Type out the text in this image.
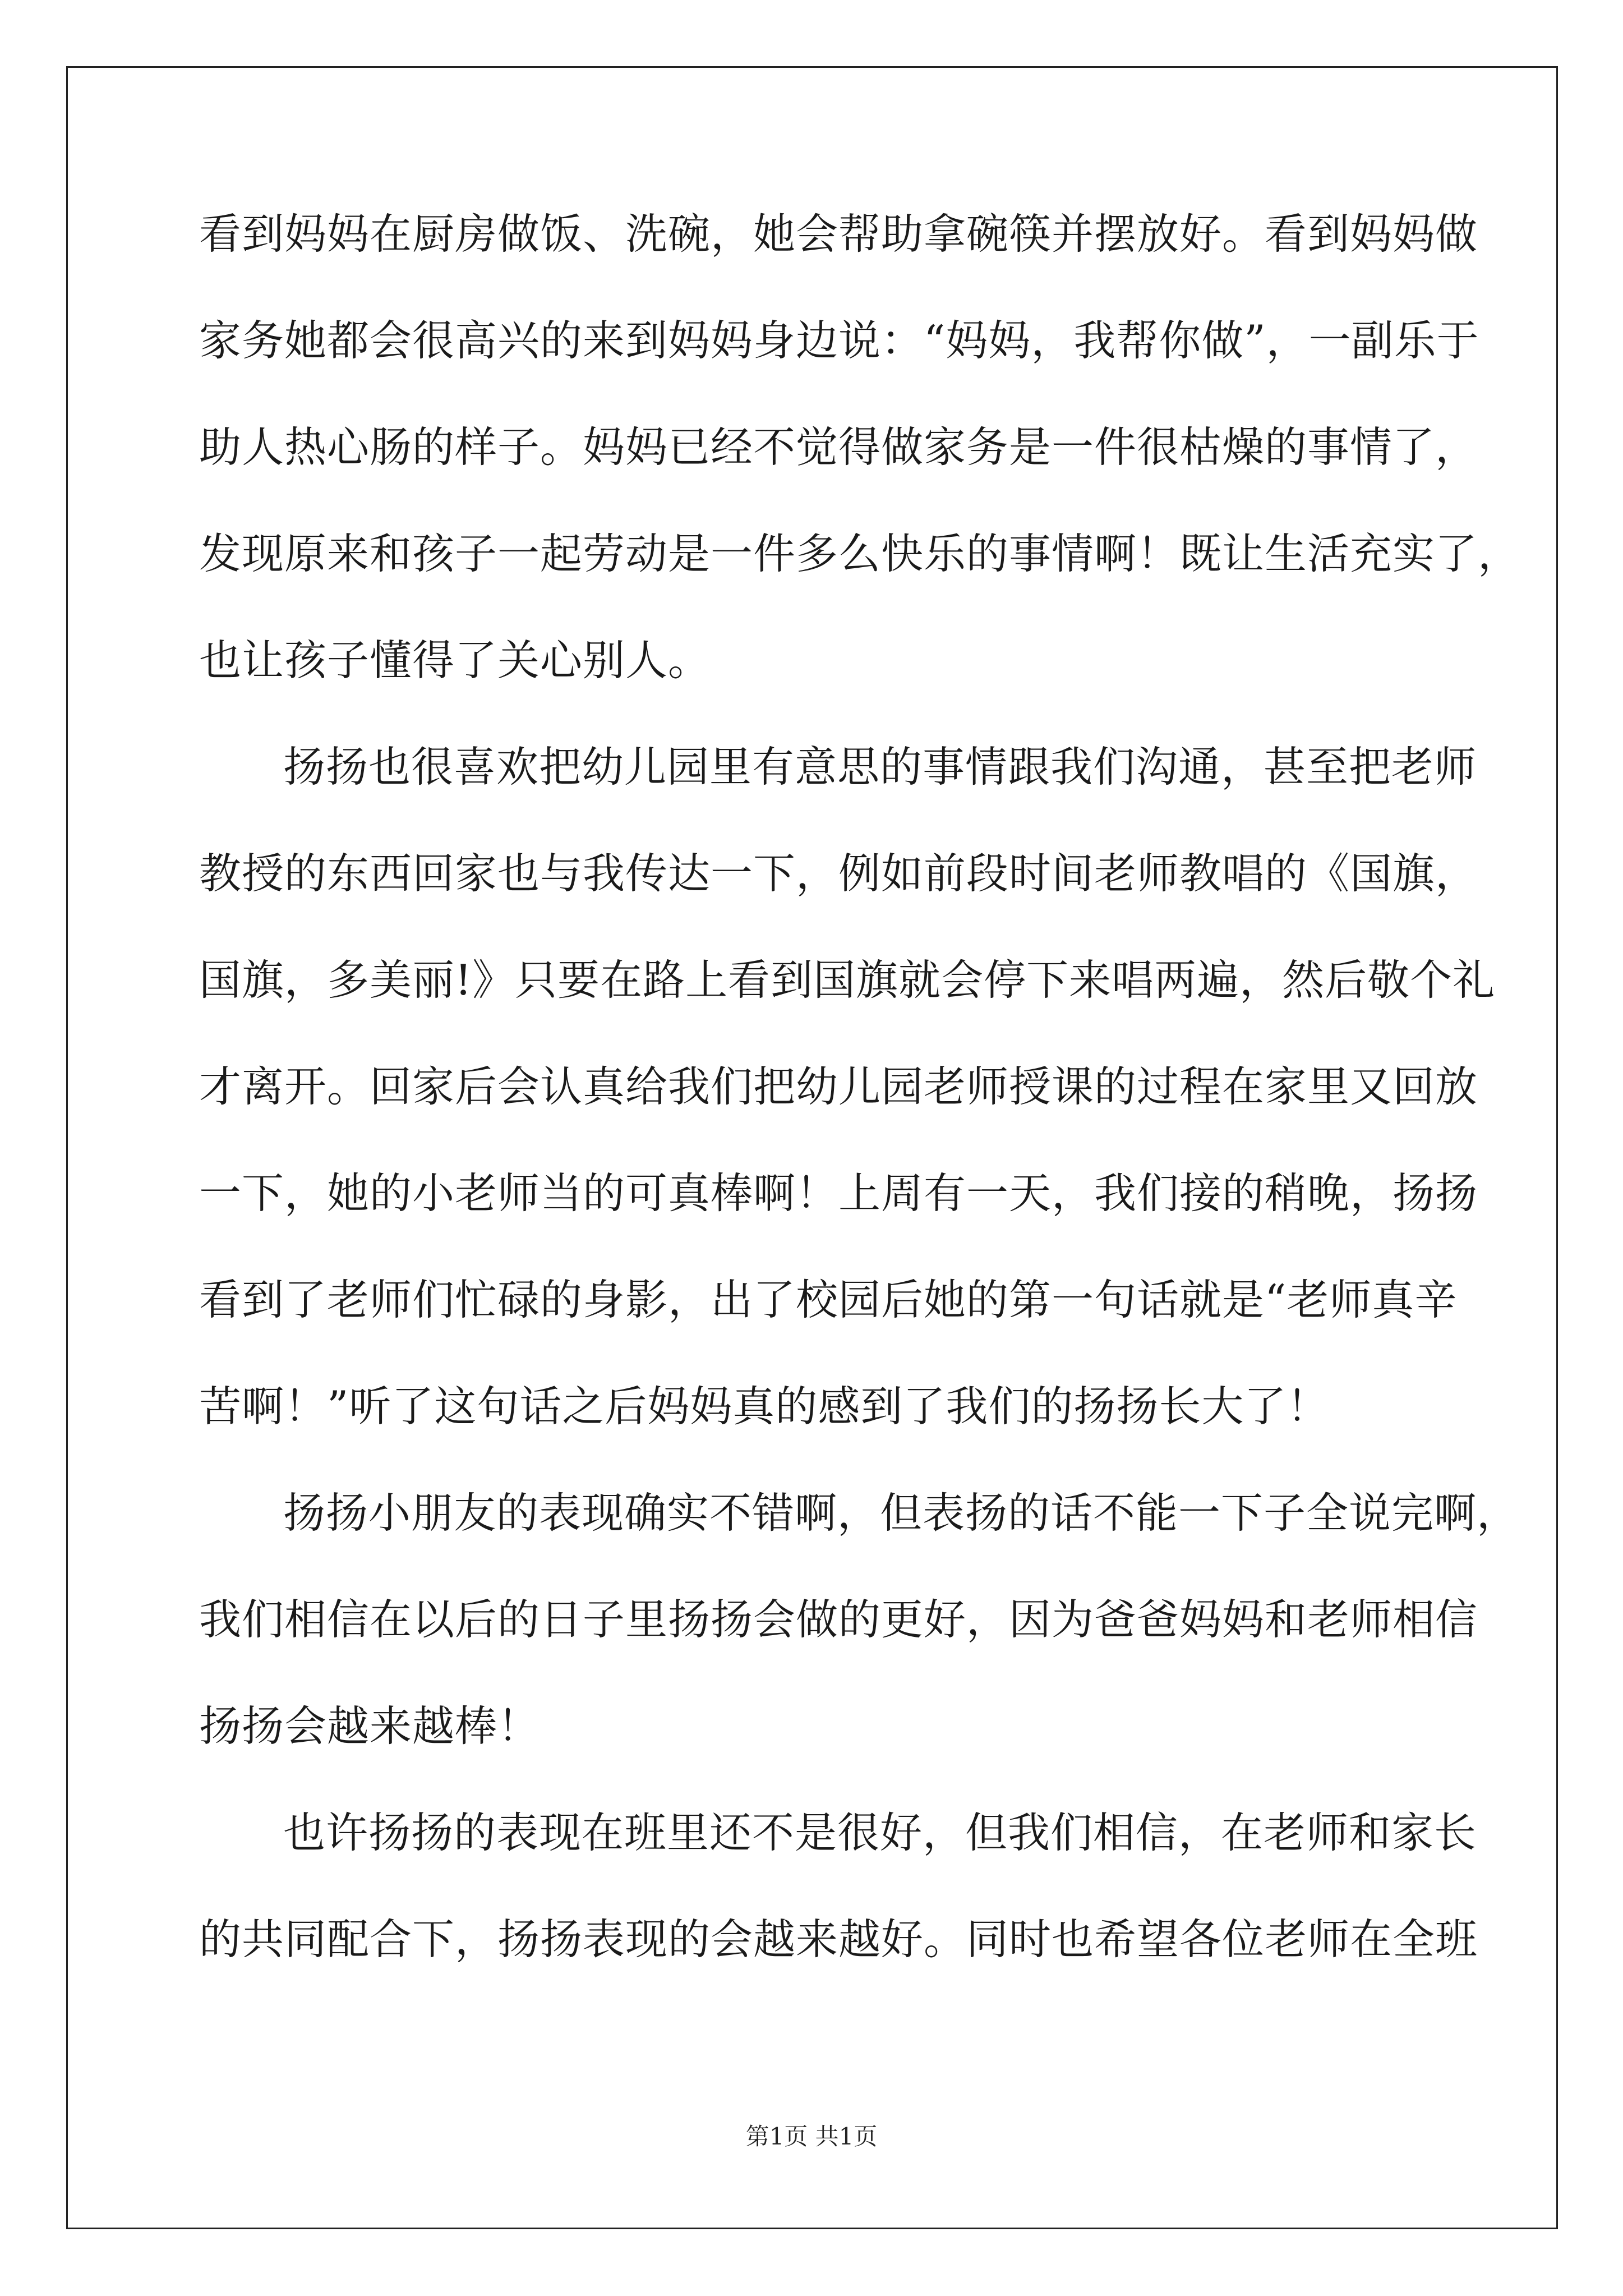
看到妈妈在厨房做饭、洗碗，她会帮助拿碗筷并摆放好。看到妈妈做
家务她都会很高兴的来到妈妈身边说：“妈妈，我帮你做”，一副乐于
助人热心肠的样子。妈妈已经不觉得做家务是一件很枯燥的事情了，
发现原来和孩子一起劳动是一件多么快乐的事情啊！既让生活充实了，
也让孩子懂得了关心别人。
扬扬也很喜欢把幼儿园里有意思的事情跟我们沟通，甚至把老师
教授的东西回家也与我传达一下，例如前段时间老师教唱的《国旗，
国旗，多美丽!》只要在路上看到国旗就会停下来唱两遍，然后敬个礼
才离开。回家后会认真给我们把幼儿园老师授课的过程在家里又回放
一下，她的小老师当的可真棒啊！上周有一天，我们接的稍晚，扬扬
看到了老师们忙碌的身影，出了校园后她的第一句话就是“老师真辛
苦啊！”听了这句话之后妈妈真的感到了我们的扬扬长大了！
扬扬小朋友的表现确实不错啊，但表扬的话不能一下子全说完啊，
我们相信在以后的日子里扬扬会做的更好，因为爸爸妈妈和老师相信
扬扬会越来越棒！
也许扬扬的表现在班里还不是很好，但我们相信，在老师和家长
的共同配合下，扬扬表现的会越来越好。同时也希望各位老师在全班
第1页 共1页
